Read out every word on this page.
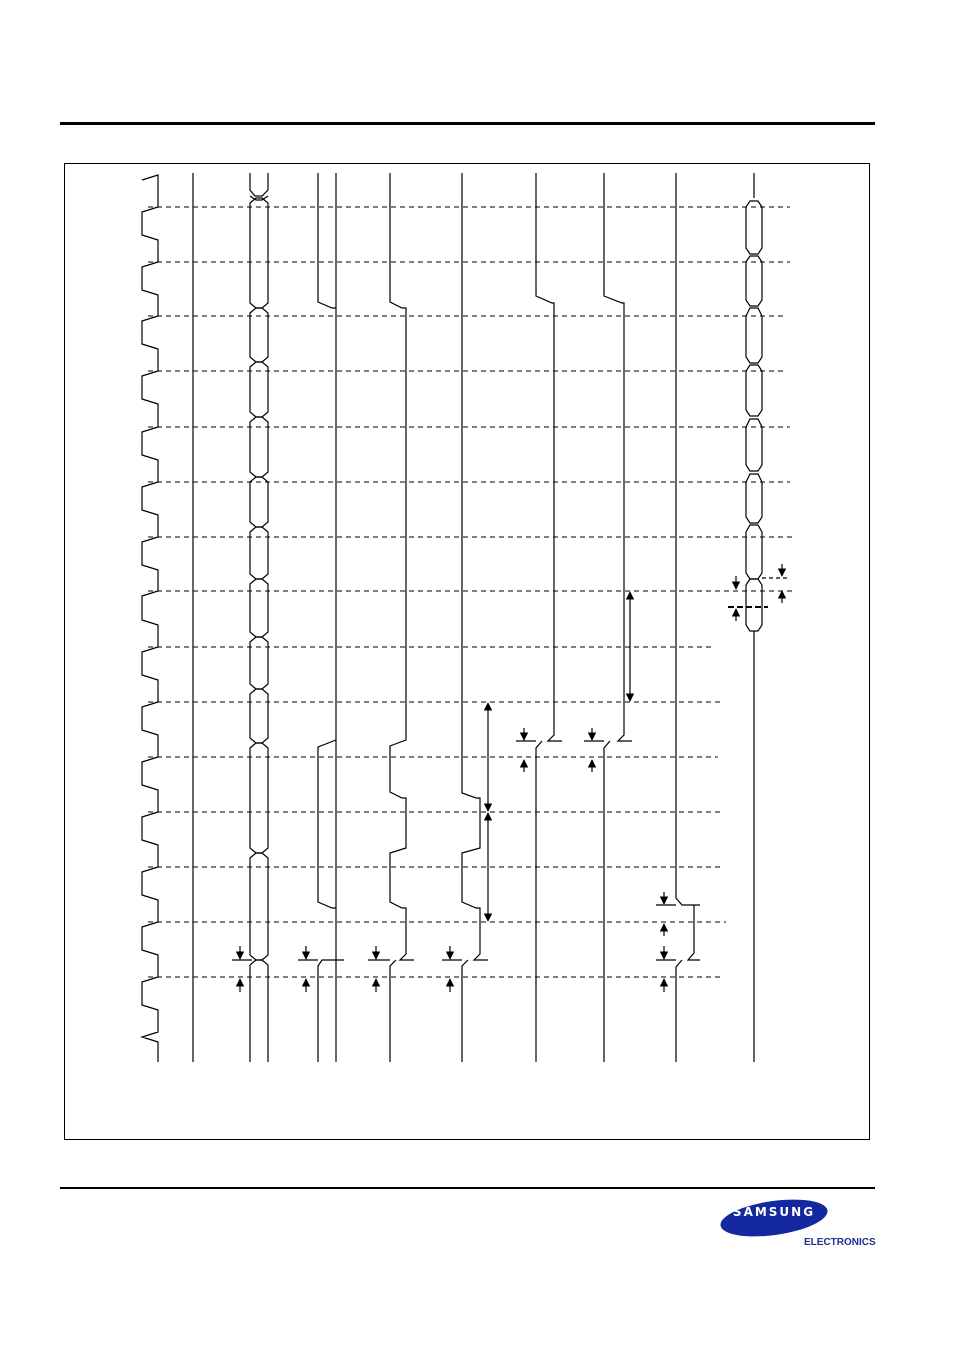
SAMSUNG
ELECTRONICS
